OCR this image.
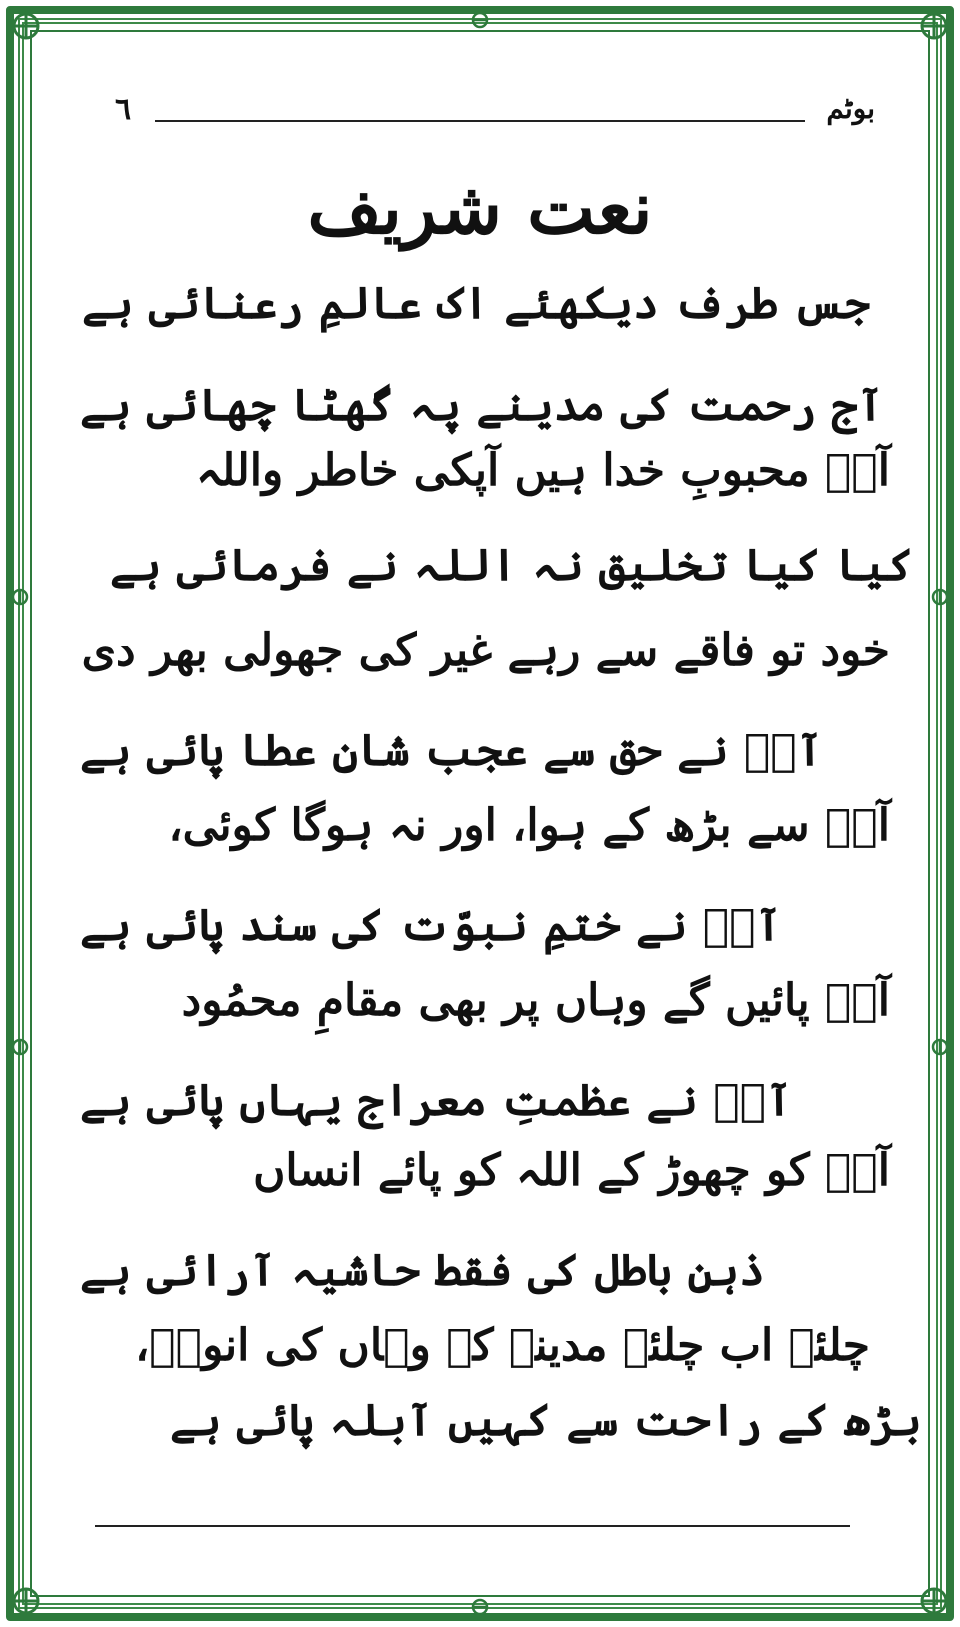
٦	بوٹم
نعت شریف
جس طرف دیکھئے اک عالمِ رعنائی ہے
آج رحمت کی مدینے پہ گھٹا چھائی ہے
آپؐ محبوبِ خدا ہیں آپکی خاطر واللہ
کیا کیا تخلیق نہ اللہ نے فرمائی ہے
خود تو فاقے سے رہے غیر کی جھولی بھر دی
آپؐ نے حق سے عجب شانِ عطا پائی ہے
آپؐ سے بڑھ کے ہوا، اور نہ ہوگا کوئی،
آپؐ نے ختمِ نبوّت کی سند پائی ہے
آپؐ پائیں گے وہاں پر بھی مقامِ محمُود
آپؐ نے عظمتِ معراج یہاں پائی ہے
آپؐ کو چھوڑ کے اللہ کو پائے انساں
ذہنِ باطل کی فقط حاشیہ آرائی ہے
چلئے اب چلئے مدینہ کہ وہاں کی انورؔ،
بڑھ کے راحت سے کہیں آبلہ پائی ہے
